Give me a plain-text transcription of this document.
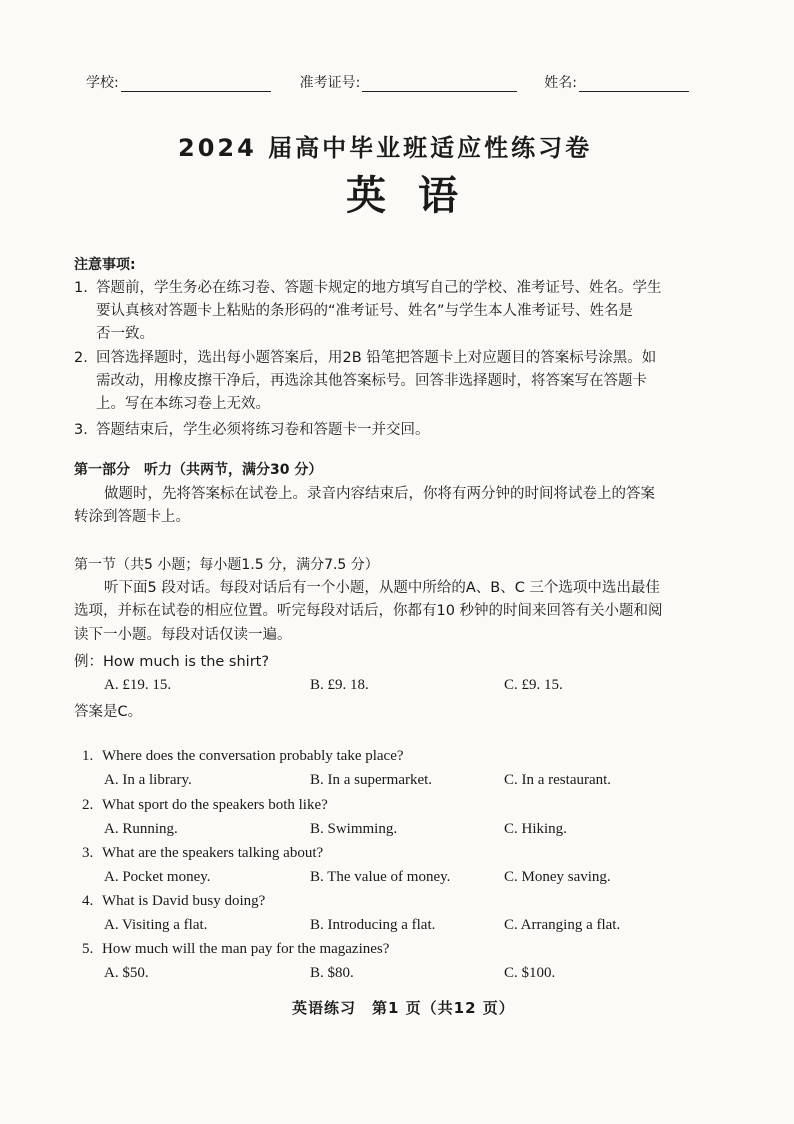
学校:	准考证号:	姓名:
2024 届高中毕业班适应性练习卷
英语
注意事项:
1. 答题前，学生务必在练习卷、答题卡规定的地方填写自己的学校、准考证号、姓名。学生
要认真核对答题卡上粘贴的条形码的“准考证号、姓名”与学生本人准考证号、姓名是
否一致。
2. 回答选择题时，选出每小题答案后，用2B 铅笔把答题卡上对应题目的答案标号涂黑。如
需改动，用橡皮擦干净后，再选涂其他答案标号。回答非选择题时，将答案写在答题卡
上。写在本练习卷上无效。
3. 答题结束后，学生必须将练习卷和答题卡一并交回。
第一部分　听力（共两节，满分30 分）
做题时，先将答案标在试卷上。录音内容结束后，你将有两分钟的时间将试卷上的答案
转涂到答题卡上。
第一节（共5 小题；每小题1.5 分，满分7.5 分）
听下面5 段对话。每段对话后有一个小题，从题中所给的A、B、C 三个选项中选出最佳
选项，并标在试卷的相应位置。听完每段对话后，你都有10 秒钟的时间来回答有关小题和阅
读下一小题。每段对话仅读一遍。
例：How much is the shirt?
A. £19. 15.	B. £9. 18.	C. £9. 15.
答案是C。
1. Where does the conversation probably take place?
A. In a library.	B. In a supermarket.	C. In a restaurant.
2. What sport do the speakers both like?
A. Running.	B. Swimming.	C. Hiking.
3. What are the speakers talking about?
A. Pocket money.	B. The value of money.	C. Money saving.
4. What is David busy doing?
A. Visiting a flat.	B. Introducing a flat.	C. Arranging a flat.
5. How much will the man pay for the magazines?
A. $50.	B. $80.	C. $100.
英语练习　第1 页（共12 页）
